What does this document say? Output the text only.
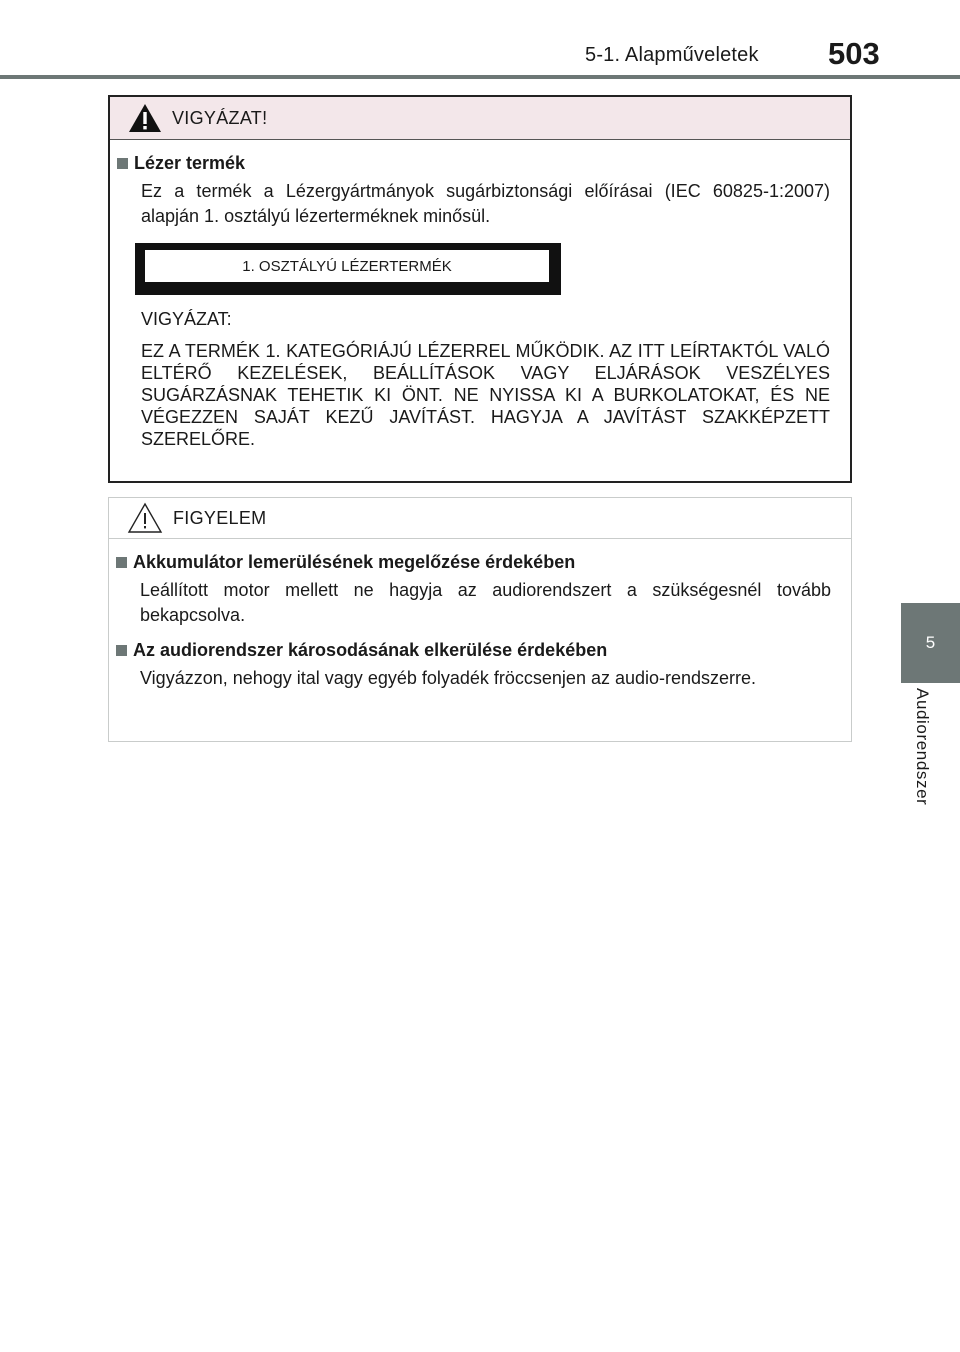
5-1. Alapműveletek 503
5
Audiorendszer
VIGYÁZAT!
Lézer termék

Ez a termék a Lézergyártmányok sugárbiztonsági előírásai (IEC 60825-1:2007) alapján 1. osztályú lézerterméknek minősül.

1. OSZTÁLYÚ LÉZERTERMÉK
VIGYÁZAT:

EZ A TERMÉK 1. KATEGÓRIÁJÚ LÉZERREL MŰKÖDIK. AZ ITT LEÍRTAKTÓL VALÓ ELTÉRŐ KEZELÉSEK, BEÁLLÍTÁSOK VAGY ELJÁRÁSOK VESZÉLYES SUGÁRZÁSNAK TEHETIK KI ÖNT. NE NYISSA KI A BURKOLATOKAT, ÉS NE VÉGEZZEN SAJÁT KEZŰ JAVÍTÁST. HAGYJA A JAVÍTÁST SZAKKÉPZETT SZERELŐRE.

FIGYELEM
Akkumulátor lemerülésének megelőzése érdekében

Leállított motor mellett ne hagyja az audiorendszert a szükségesnél tovább bekapcsolva.

Az audiorendszer károsodásának elkerülése érdekében

Vigyázzon, nehogy ital vagy egyéb folyadék fröccsenjen az audio-rendszerre.
